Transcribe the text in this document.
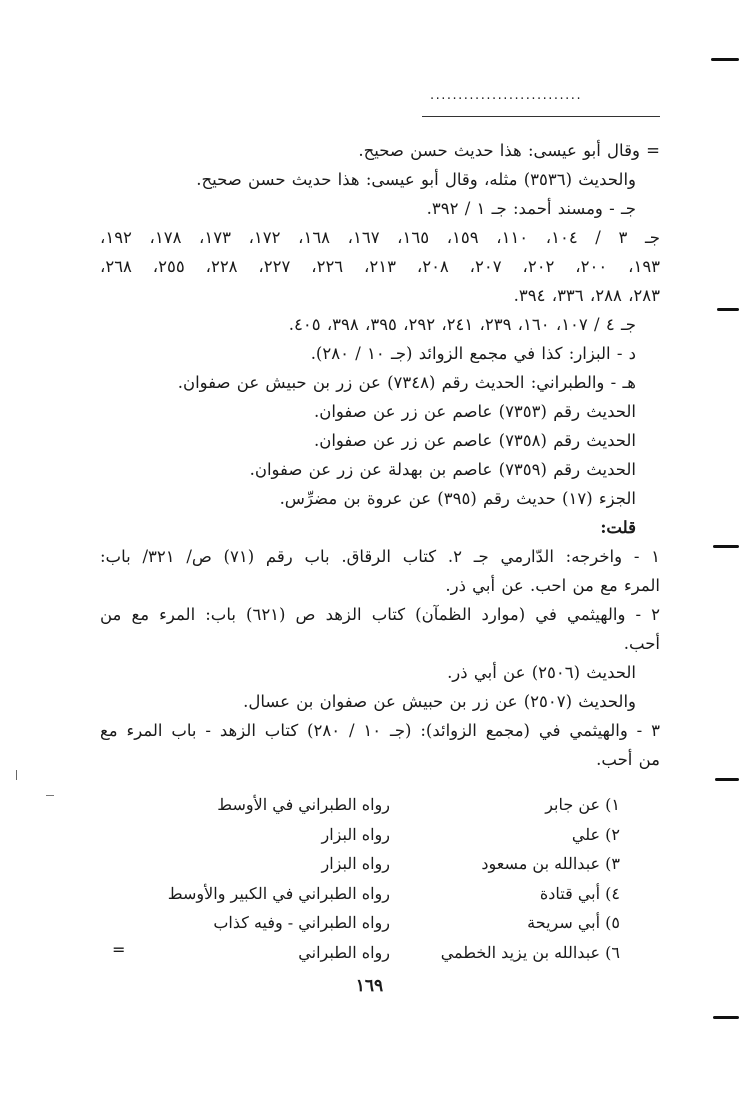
...........................
= وقال أبو عيسى: هذا حديث حسن صحيح.
والحديث (٣٥٣٦) مثله، وقال أبو عيسى: هذا حديث حسن صحيح.
جـ - ومسند أحمد: جـ ١ / ٣٩٢.
جـ ٣ / ١٠٤، ١١٠، ١٥٩، ١٦٥، ١٦٧، ١٦٨، ١٧٢، ١٧٣، ١٧٨، ١٩٢،
١٩٣، ٢٠٠، ٢٠٢، ٢٠٧، ٢٠٨، ٢١٣، ٢٢٦، ٢٢٧، ٢٢٨، ٢٥٥، ٢٦٨،
٢٨٣، ٢٨٨، ٣٣٦، ٣٩٤.
جـ ٤ / ١٠٧، ١٦٠، ٢٣٩، ٢٤١، ٢٩٢، ٣٩٥، ٣٩٨، ٤٠٥.
د - البزار: كذا في مجمع الزوائد (جـ ١٠ / ٢٨٠).
هـ - والطبراني: الحديث رقم (٧٣٤٨) عن زر بن حبيش عن صفوان.
الحديث رقم (٧٣٥٣) عاصم عن زر عن صفوان.
الحديث رقم (٧٣٥٨) عاصم عن زر عن صفوان.
الحديث رقم (٧٣٥٩) عاصم بن بهدلة عن زر عن صفوان.
الجزء (١٧) حديث رقم (٣٩٥) عن عروة بن مضرِّس.
قلت:
١ - واخرجه: الدّارمي جـ ٢. كتاب الرقاق. باب رقم (٧١) ص/ ٣٢١/ باب:
المرء مع من احب. عن أبي ذر.
٢ - والهيثمي في (موارد الظمآن) كتاب الزهد ص (٦٢١) باب: المرء مع من
أحب.
الحديث (٢٥٠٦) عن أبي ذر.
والحديث (٢٥٠٧) عن زر بن حبيش عن صفوان بن عسال.
٣ - والهيثمي في (مجمع الزوائد): (جـ ١٠ / ٢٨٠) كتاب الزهد - باب المرء مع
من أحب.
١) عن جابر
رواه الطبراني في الأوسط
٢) علي
رواه البزار
٣) عبدالله بن مسعود
رواه البزار
٤) أبي قتادة
رواه الطبراني في الكبير والأوسط
٥) أبي سريحة
رواه الطبراني - وفيه كذاب
٦) عبدالله بن يزيد الخطمي
رواه الطبراني
=
١٦٩
